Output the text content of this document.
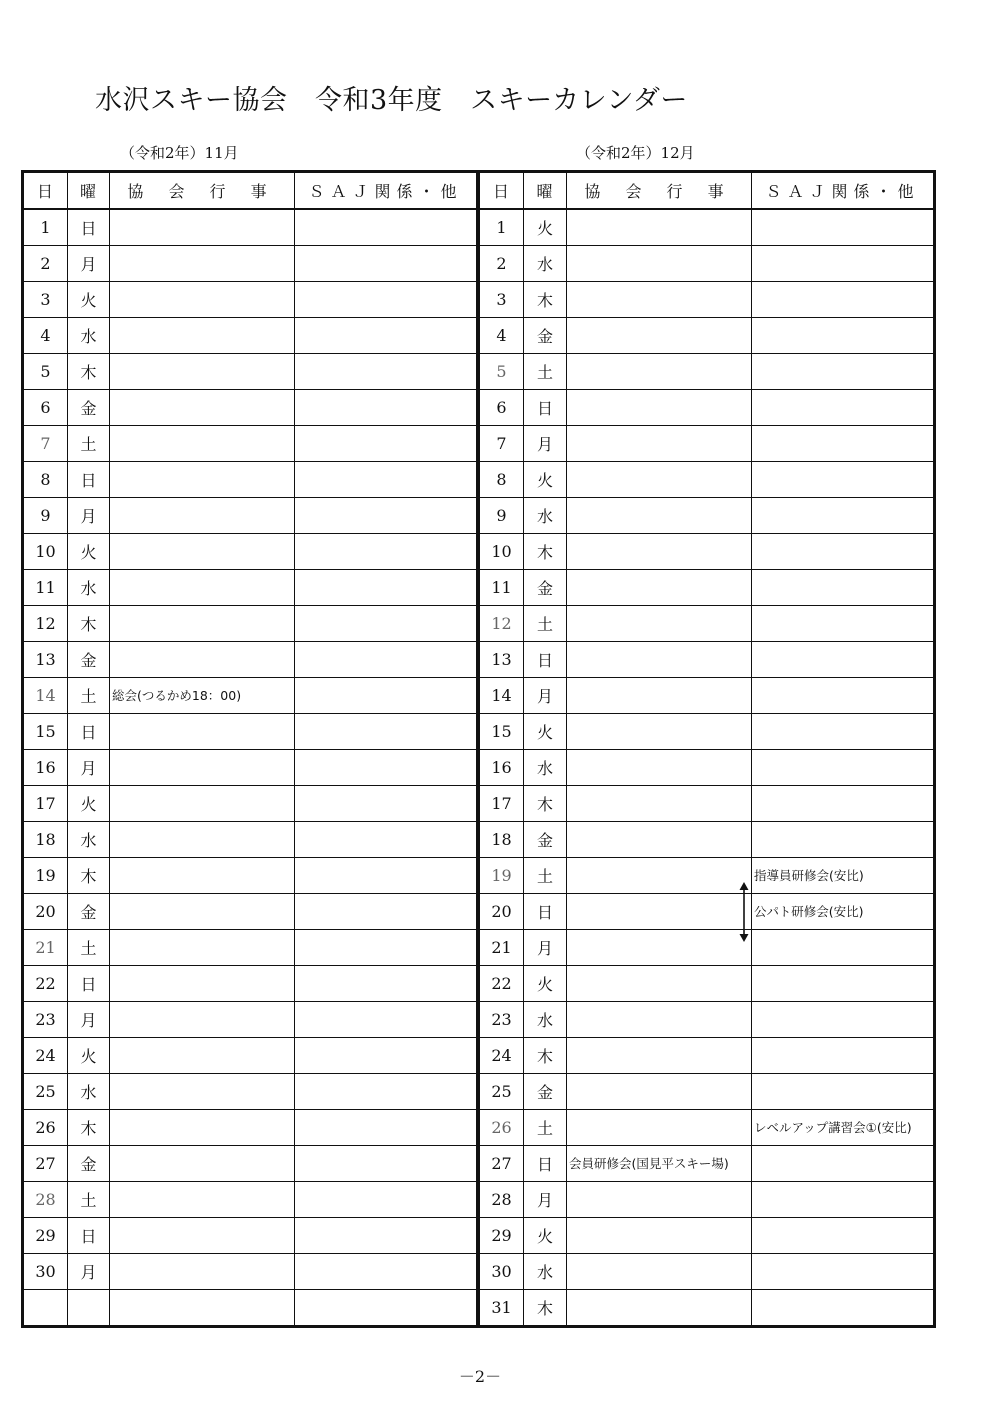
水沢スキー協会　令和3年度　スキーカレンダー
（令和2年）11月	（令和2年）12月
日	曜	協 会 行 事	ＳＡＪ関係・他
1	日		
2	月		
3	火		
4	水		
5	木		
6	金		
7	土		
8	日		
9	月		
10	火		
11	水		
12	木		
13	金		
14	土	総会(つるかめ18：00)	
15	日		
16	月		
17	火		
18	水		
19	木		
20	金		
21	土		
22	日		
23	月		
24	火		
25	水		
26	木		
27	金		
28	土		
29	日		
30	月		

日	曜	協 会 行 事	ＳＡＪ関係・他
1	火		
2	水		
3	木		
4	金		
5	土		
6	日		
7	月		
8	火		
9	水		
10	木		
11	金		
12	土		
13	日		
14	月		
15	火		
16	水		
17	木		
18	金		
19	土		指導員研修会(安比)
20	日		公パト研修会(安比)
21	月		
22	火		
23	水		
24	木		
25	金		
26	土		レベルアップ講習会①(安比)
27	日	会員研修会(国見平スキー場)	
28	月		
29	火		
30	水		
31	木		
－2－
